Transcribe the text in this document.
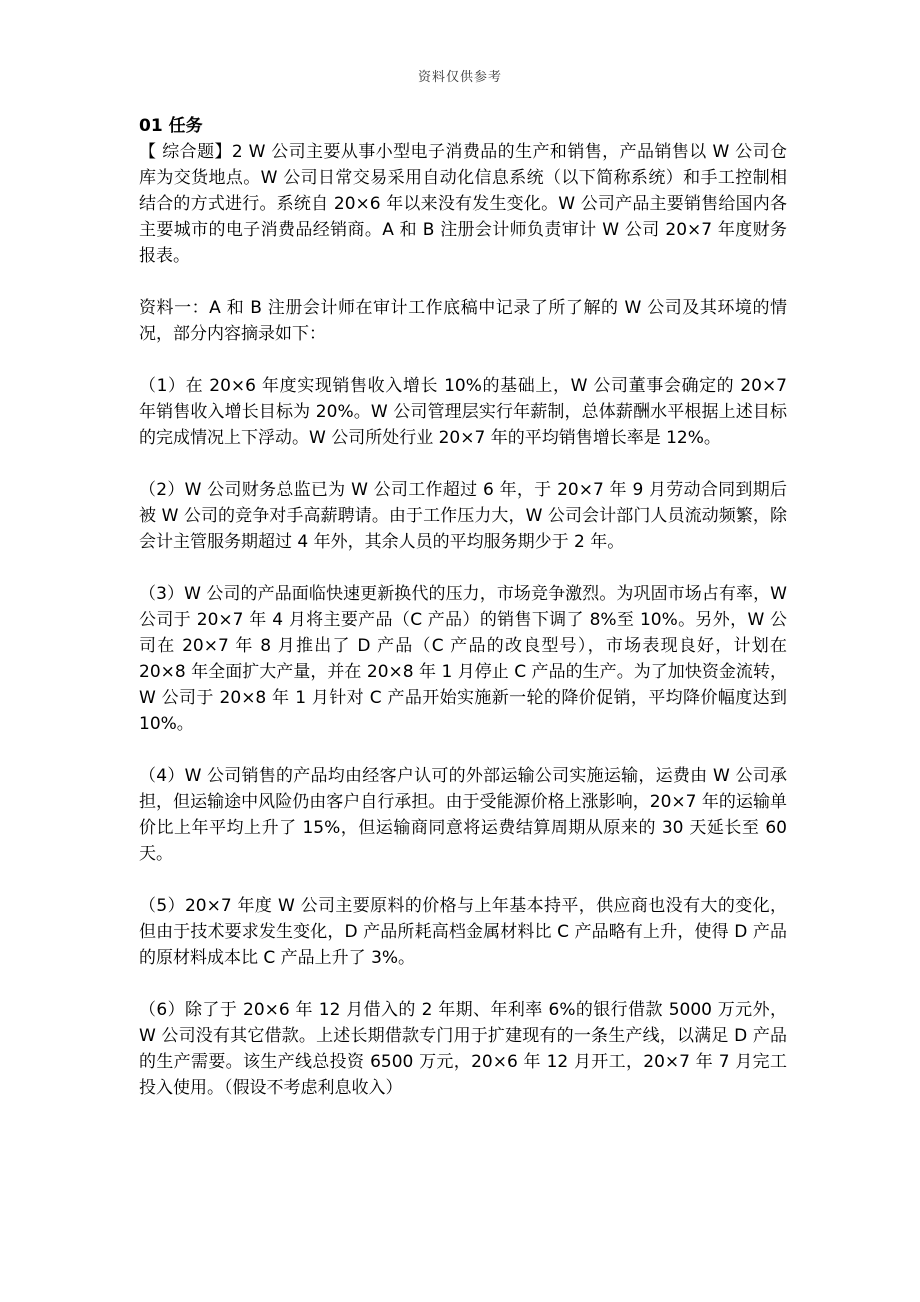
资料仅供参考

01 任务

【 综合题】2 W 公司主要从事小型电子消费品的生产和销售，产品销售以 W 公司仓库为交货地点。W 公司日常交易采用自动化信息系统（以下简称系统）和手工控制相结合的方式进行。系统自 20×6 年以来没有发生变化。W 公司产品主要销售给国内各主要城市的电子消费品经销商。A 和 B 注册会计师负责审计 W 公司 20×7 年度财务报表。

资料一：A 和 B 注册会计师在审计工作底稿中记录了所了解的 W 公司及其环境的情况，部分内容摘录如下：

（1）在 20×6 年度实现销售收入增长 10%的基础上，W 公司董事会确定的 20×7 年销售收入增长目标为 20%。W 公司管理层实行年薪制，总体薪酬水平根据上述目标的完成情况上下浮动。W 公司所处行业 20×7 年的平均销售增长率是 12%。

（2）W 公司财务总监已为 W 公司工作超过 6 年，于 20×7 年 9 月劳动合同到期后被 W 公司的竞争对手高薪聘请。由于工作压力大，W 公司会计部门人员流动频繁，除会计主管服务期超过 4 年外，其余人员的平均服务期少于 2 年。

（3）W 公司的产品面临快速更新换代的压力，市场竞争激烈。为巩固市场占有率，W 公司于 20×7 年 4 月将主要产品（C 产品）的销售下调了 8%至 10%。另外，W 公司在 20×7 年 8 月推出了 D 产品（C 产品的改良型号），市场表现良好，计划在 20×8 年全面扩大产量，并在 20×8 年 1 月停止 C 产品的生产。为了加快资金流转，W 公司于 20×8 年 1 月针对 C 产品开始实施新一轮的降价促销，平均降价幅度达到 10%。

（4）W 公司销售的产品均由经客户认可的外部运输公司实施运输，运费由 W 公司承担，但运输途中风险仍由客户自行承担。由于受能源价格上涨影响，20×7 年的运输单价比上年平均上升了 15%，但运输商同意将运费结算周期从原来的 30 天延长至 60 天。

（5）20×7 年度 W 公司主要原料的价格与上年基本持平，供应商也没有大的变化，但由于技术要求发生变化，D 产品所耗高档金属材料比 C 产品略有上升，使得 D 产品的原材料成本比 C 产品上升了 3%。

（6）除了于 20×6 年 12 月借入的 2 年期、年利率 6%的银行借款 5000 万元外，W 公司没有其它借款。上述长期借款专门用于扩建现有的一条生产线，以满足 D 产品的生产需要。该生产线总投资 6500 万元，20×6 年 12 月开工，20×7 年 7 月完工投入使用。（假设不考虑利息收入）
